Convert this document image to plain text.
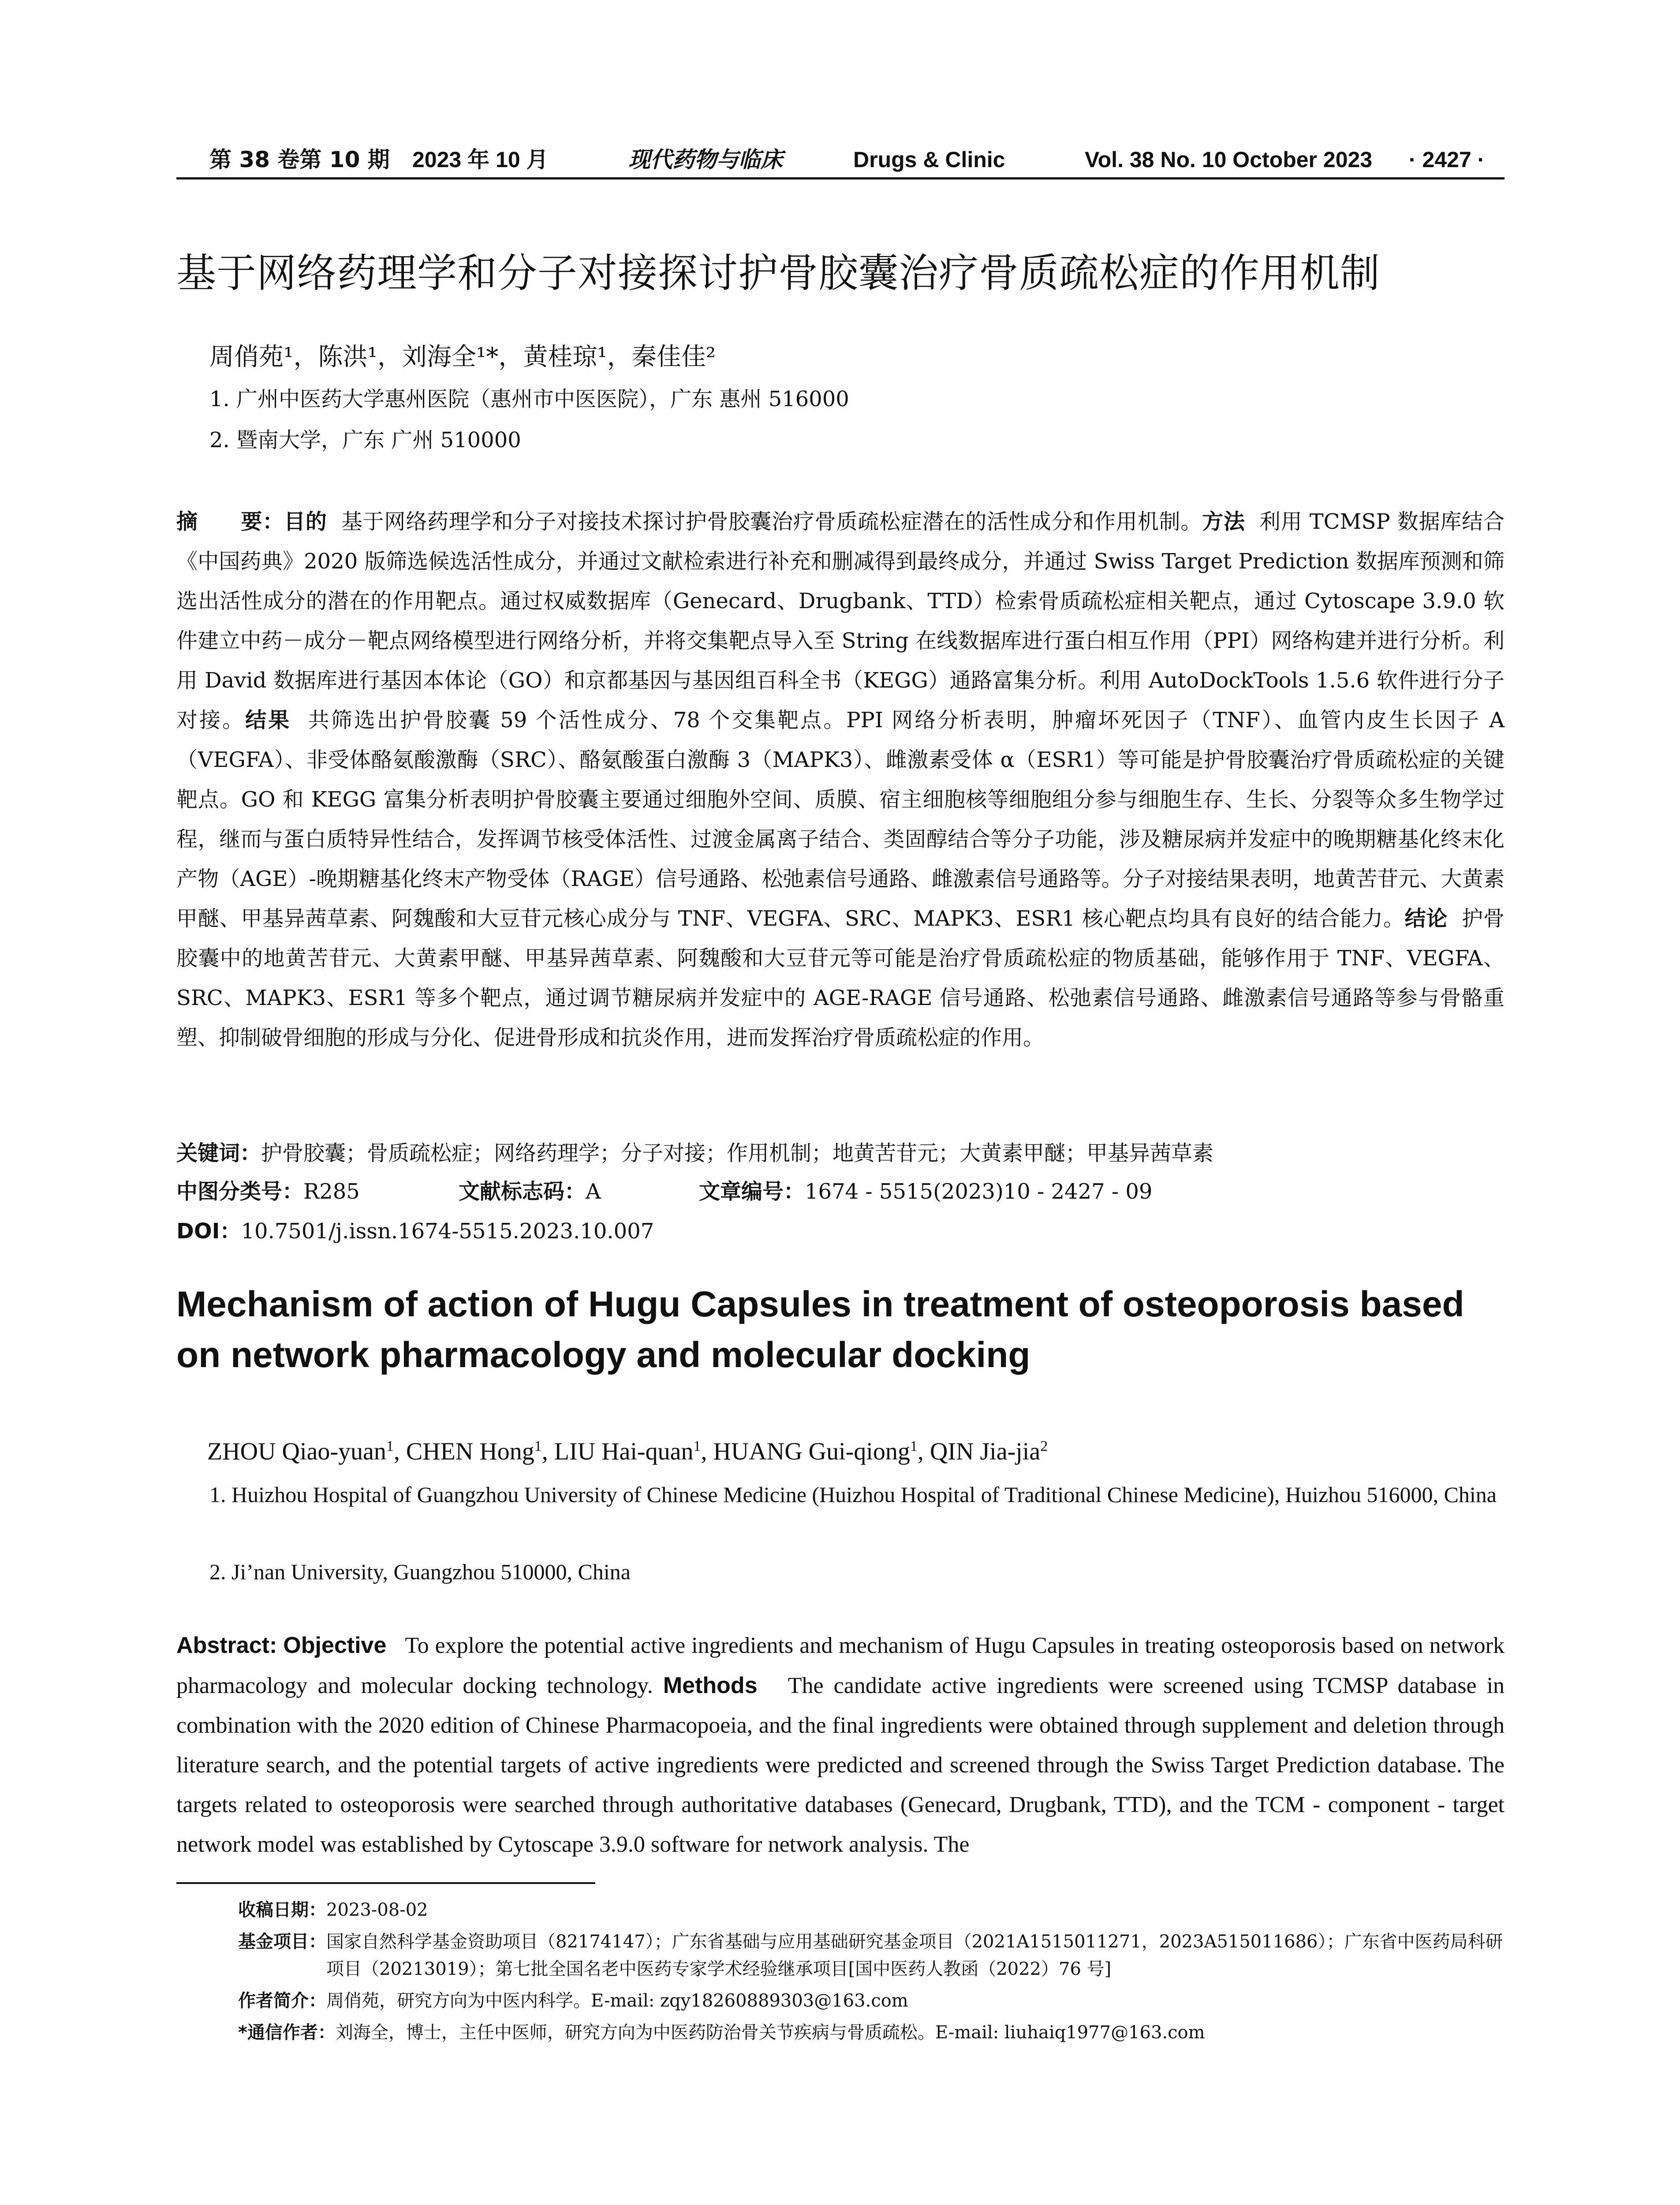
第 38 卷第 10 期 2023 年 10 月	现代药物与临床	Drugs & Clinic	Vol. 38 No. 10 October 2023 · 2427 ·
基于网络药理学和分子对接探讨护骨胶囊治疗骨质疏松症的作用机制
周俏苑¹，陈洪¹，刘海全¹*，黄桂琼¹，秦佳佳²
1. 广州中医药大学惠州医院（惠州市中医医院），广东 惠州 516000
2. 暨南大学，广东 广州 510000
摘　　要：目的 基于网络药理学和分子对接技术探讨护骨胶囊治疗骨质疏松症潜在的活性成分和作用机制。方法 利用 TCMSP 数据库结合《中国药典》2020 版筛选候选活性成分，并通过文献检索进行补充和删减得到最终成分，并通过 Swiss Target Prediction 数据库预测和筛选出活性成分的潜在的作用靶点。通过权威数据库（Genecard、Drugbank、TTD）检索骨质疏松症相关靶点，通过 Cytoscape 3.9.0 软件建立中药－成分－靶点网络模型进行网络分析，并将交集靶点导入至 String 在线数据库进行蛋白相互作用（PPI）网络构建并进行分析。利用 David 数据库进行基因本体论（GO）和京都基因与基因组百科全书（KEGG）通路富集分析。利用 AutoDockTools 1.5.6 软件进行分子对接。结果 共筛选出护骨胶囊 59 个活性成分、78 个交集靶点。PPI 网络分析表明，肿瘤坏死因子（TNF）、血管内皮生长因子 A（VEGFA）、非受体酪氨酸激酶（SRC）、酪氨酸蛋白激酶 3（MAPK3）、雌激素受体 α（ESR1）等可能是护骨胶囊治疗骨质疏松症的关键靶点。GO 和 KEGG 富集分析表明护骨胶囊主要通过细胞外空间、质膜、宿主细胞核等细胞组分参与细胞生存、生长、分裂等众多生物学过程，继而与蛋白质特异性结合，发挥调节核受体活性、过渡金属离子结合、类固醇结合等分子功能，涉及糖尿病并发症中的晚期糖基化终末化产物（AGE）-晚期糖基化终末产物受体（RAGE）信号通路、松弛素信号通路、雌激素信号通路等。分子对接结果表明，地黄苦苷元、大黄素甲醚、甲基异茜草素、阿魏酸和大豆苷元核心成分与 TNF、VEGFA、SRC、MAPK3、ESR1 核心靶点均具有良好的结合能力。结论 护骨胶囊中的地黄苦苷元、大黄素甲醚、甲基异茜草素、阿魏酸和大豆苷元等可能是治疗骨质疏松症的物质基础，能够作用于 TNF、VEGFA、SRC、MAPK3、ESR1 等多个靶点，通过调节糖尿病并发症中的 AGE-RAGE 信号通路、松弛素信号通路、雌激素信号通路等参与骨骼重塑、抑制破骨细胞的形成与分化、促进骨形成和抗炎作用，进而发挥治疗骨质疏松症的作用。
关键词：护骨胶囊；骨质疏松症；网络药理学；分子对接；作用机制；地黄苦苷元；大黄素甲醚；甲基异茜草素
中图分类号：R285	文献标志码：A	文章编号：1674 - 5515(2023)10 - 2427 - 09
DOI：10.7501/j.issn.1674-5515.2023.10.007
Mechanism of action of Hugu Capsules in treatment of osteoporosis based on network pharmacology and molecular docking
ZHOU Qiao-yuan$^1$, CHEN Hong$^1$, LIU Hai-quan$^1$, HUANG Gui-qiong$^1$, QIN Jia-jia$^2$
1. Huizhou Hospital of Guangzhou University of Chinese Medicine (Huizhou Hospital of Traditional Chinese Medicine), Huizhou 516000, China
2. Ji’nan University, Guangzhou 510000, China
Abstract: Objective To explore the potential active ingredients and mechanism of Hugu Capsules in treating osteoporosis based on network pharmacology and molecular docking technology. Methods The candidate active ingredients were screened using TCMSP database in combination with the 2020 edition of Chinese Pharmacopoeia, and the final ingredients were obtained through supplement and deletion through literature search, and the potential targets of active ingredients were predicted and screened through the Swiss Target Prediction database. The targets related to osteoporosis were searched through authoritative databases (Genecard, Drugbank, TTD), and the TCM - component - target network model was established by Cytoscape 3.9.0 software for network analysis. The
收稿日期： 2023-08-02
基金项目： 国家自然科学基金资助项目（82174147）；广东省基础与应用基础研究基金项目（2021A1515011271，2023A515011686）；广东省中医药局科研项目（20213019）；第七批全国名老中医药专家学术经验继承项目[国中医药人教函（2022）76 号]
作者简介： 周俏苑，研究方向为中医内科学。E-mail: zqy18260889303@163.com
*通信作者： 刘海全，博士，主任中医师，研究方向为中医药防治骨关节疾病与骨质疏松。E-mail: liuhaiq1977@163.com
